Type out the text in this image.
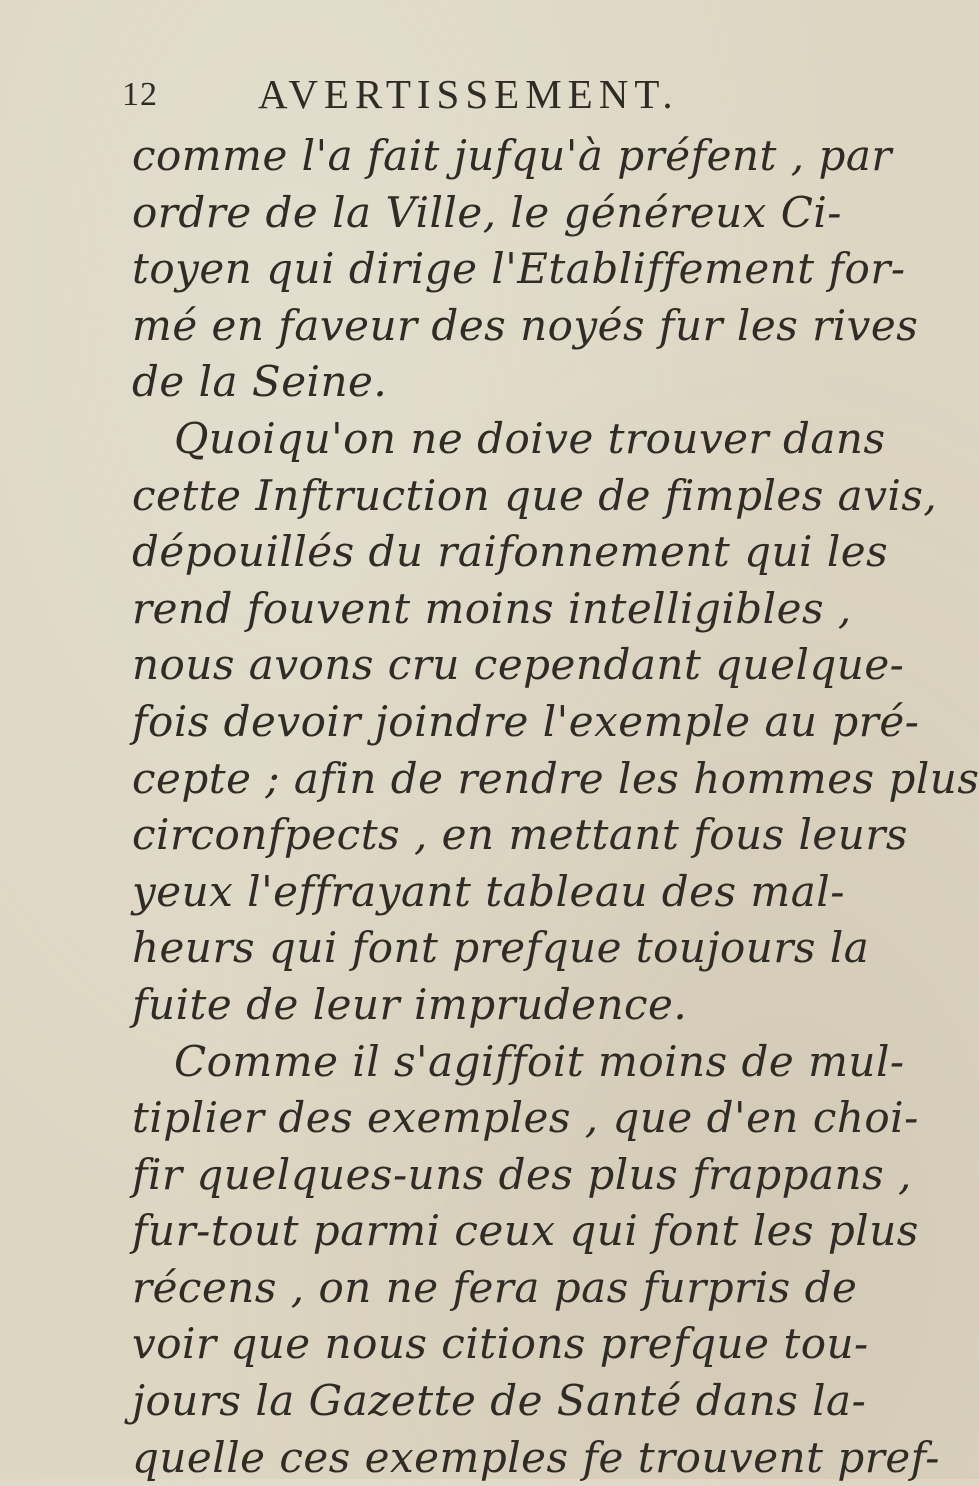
12 AVERTISSEMENT.
comme l'a fait jufqu'à préfent , par
ordre de la Ville, le généreux Ci-
toyen qui dirige l'Etabliffement for-
mé en faveur des noyés fur les rives
de la Seine.
Quoiqu'on ne doive trouver dans
cette Inftruction que de fimples avis,
dépouillés du raifonnement qui les
rend fouvent moins intelligibles ,
nous avons cru cependant quelque-
fois devoir joindre l'exemple au pré-
cepte ; afin de rendre les hommes plus
circonfpects , en mettant fous leurs
yeux l'effrayant tableau des mal-
heurs qui font prefque toujours la
fuite de leur imprudence.
Comme il s'agiffoit moins de mul-
tiplier des exemples , que d'en choi-
fir quelques-uns des plus frappans ,
fur-tout parmi ceux qui font les plus
récens , on ne fera pas furpris de
voir que nous citions prefque tou-
jours la Gazette de Santé dans la-
quelle ces exemples fe trouvent pref-
